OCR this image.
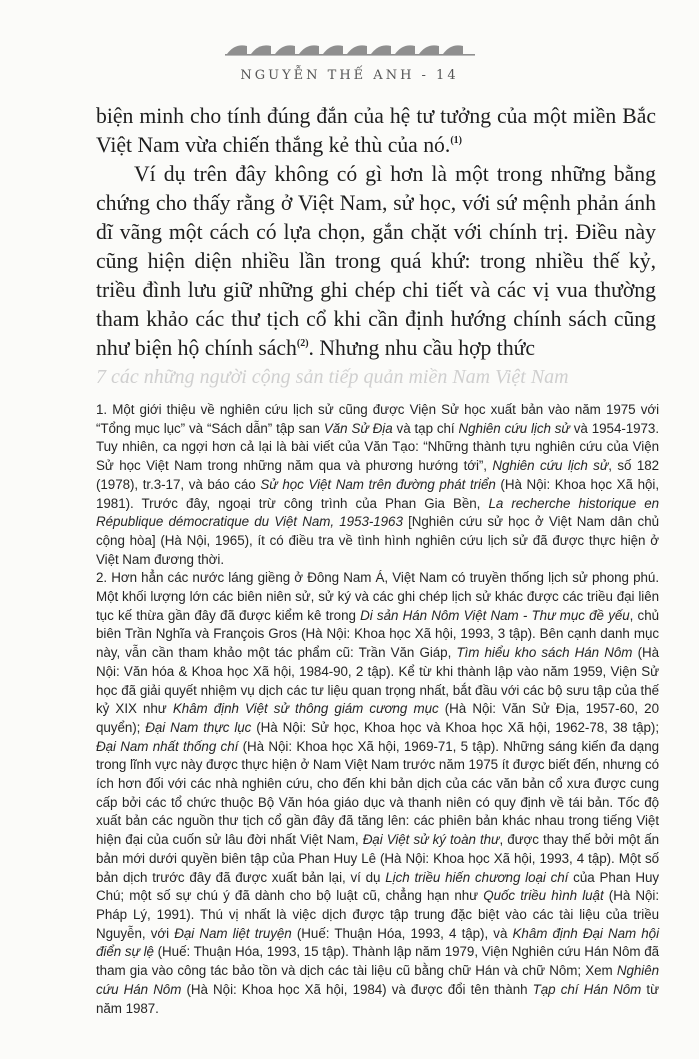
NGUYỄN THẾ ANH - 14

biện minh cho tính đúng đắn của hệ tư tưởng của một miền Bắc Việt Nam vừa chiến thắng kẻ thù của nó.$^{(1)}$

Ví dụ trên đây không có gì hơn là một trong những bằng chứng cho thấy rằng ở Việt Nam, sử học, với sứ mệnh phản ánh dĩ vãng một cách có lựa chọn, gắn chặt với chính trị. Điều này cũng hiện diện nhiều lần trong quá khứ: trong nhiều thế kỷ, triều đình lưu giữ những ghi chép chi tiết và các vị vua thường tham khảo các thư tịch cổ khi cần định hướng chính sách cũng như biện hộ chính sách$^{(2)}$. Nhưng nhu cầu hợp thức

7 các những người cộng sản tiếp quản miền Nam Việt Nam

1. Một giới thiệu về nghiên cứu lịch sử cũng được Viện Sử học xuất bản vào năm 1975 với “Tổng mục lục” và “Sách dẫn” tập san Văn Sử Địa và tạp chí Nghiên cứu lịch sử và 1954-1973. Tuy nhiên, ca ngợi hơn cả lại là bài viết của Văn Tạo: “Những thành tựu nghiên cứu của Viện Sử học Việt Nam trong những năm qua và phương hướng tới”, Nghiên cứu lịch sử, số 182 (1978), tr.3-17, và báo cáo Sử học Việt Nam trên đường phát triển (Hà Nội: Khoa học Xã hội, 1981). Trước đây, ngoại trừ công trình của Phan Gia Bền, La recherche historique en République démocratique du Việt Nam, 1953-1963 [Nghiên cứu sử học ở Việt Nam dân chủ cộng hòa] (Hà Nội, 1965), ít có điều tra về tình hình nghiên cứu lịch sử đã được thực hiện ở Việt Nam đương thời.

2. Hơn hẳn các nước láng giềng ở Đông Nam Á, Việt Nam có truyền thống lịch sử phong phú. Một khối lượng lớn các biên niên sử, sử ký và các ghi chép lịch sử khác được các triều đại liên tục kế thừa gần đây đã được kiểm kê trong Di sản Hán Nôm Việt Nam - Thư mục đề yếu, chủ biên Trần Nghĩa và François Gros (Hà Nội: Khoa học Xã hội, 1993, 3 tập). Bên cạnh danh mục này, vẫn cần tham khảo một tác phẩm cũ: Trần Văn Giáp, Tìm hiểu kho sách Hán Nôm (Hà Nội: Văn hóa & Khoa học Xã hội, 1984-90, 2 tập). Kể từ khi thành lập vào năm 1959, Viện Sử học đã giải quyết nhiệm vụ dịch các tư liệu quan trọng nhất, bắt đầu với các bộ sưu tập của thế kỷ XIX như Khâm định Việt sử thông giám cương mục (Hà Nội: Văn Sử Địa, 1957-60, 20 quyển); Đại Nam thực lục (Hà Nội: Sử học, Khoa học và Khoa học Xã hội, 1962-78, 38 tập); Đại Nam nhất thống chí (Hà Nội: Khoa học Xã hội, 1969-71, 5 tập). Những sáng kiến đa dạng trong lĩnh vực này được thực hiện ở Nam Việt Nam trước năm 1975 ít được biết đến, nhưng có ích hơn đối với các nhà nghiên cứu, cho đến khi bản dịch của các văn bản cổ xưa được cung cấp bởi các tổ chức thuộc Bộ Văn hóa giáo dục và thanh niên có quy định về tái bản. Tốc độ xuất bản các nguồn thư tịch cổ gần đây đã tăng lên: các phiên bản khác nhau trong tiếng Việt hiện đại của cuốn sử lâu đời nhất Việt Nam, Đại Việt sử ký toàn thư, được thay thế bởi một ấn bản mới dưới quyền biên tập của Phan Huy Lê (Hà Nội: Khoa học Xã hội, 1993, 4 tập). Một số bản dịch trước đây đã được xuất bản lại, ví dụ Lịch triều hiến chương loại chí của Phan Huy Chú; một số sự chú ý đã dành cho bộ luật cũ, chẳng hạn như Quốc triều hình luật (Hà Nội: Pháp Lý, 1991). Thú vị nhất là việc dịch được tập trung đặc biệt vào các tài liệu của triều Nguyễn, với Đại Nam liệt truyện (Huế: Thuận Hóa, 1993, 4 tập), và Khâm định Đại Nam hội điển sự lệ (Huế: Thuận Hóa, 1993, 15 tập). Thành lập năm 1979, Viện Nghiên cứu Hán Nôm đã tham gia vào công tác bảo tồn và dịch các tài liệu cũ bằng chữ Hán và chữ Nôm; Xem Nghiên cứu Hán Nôm (Hà Nội: Khoa học Xã hội, 1984) và được đổi tên thành Tạp chí Hán Nôm từ năm 1987.
